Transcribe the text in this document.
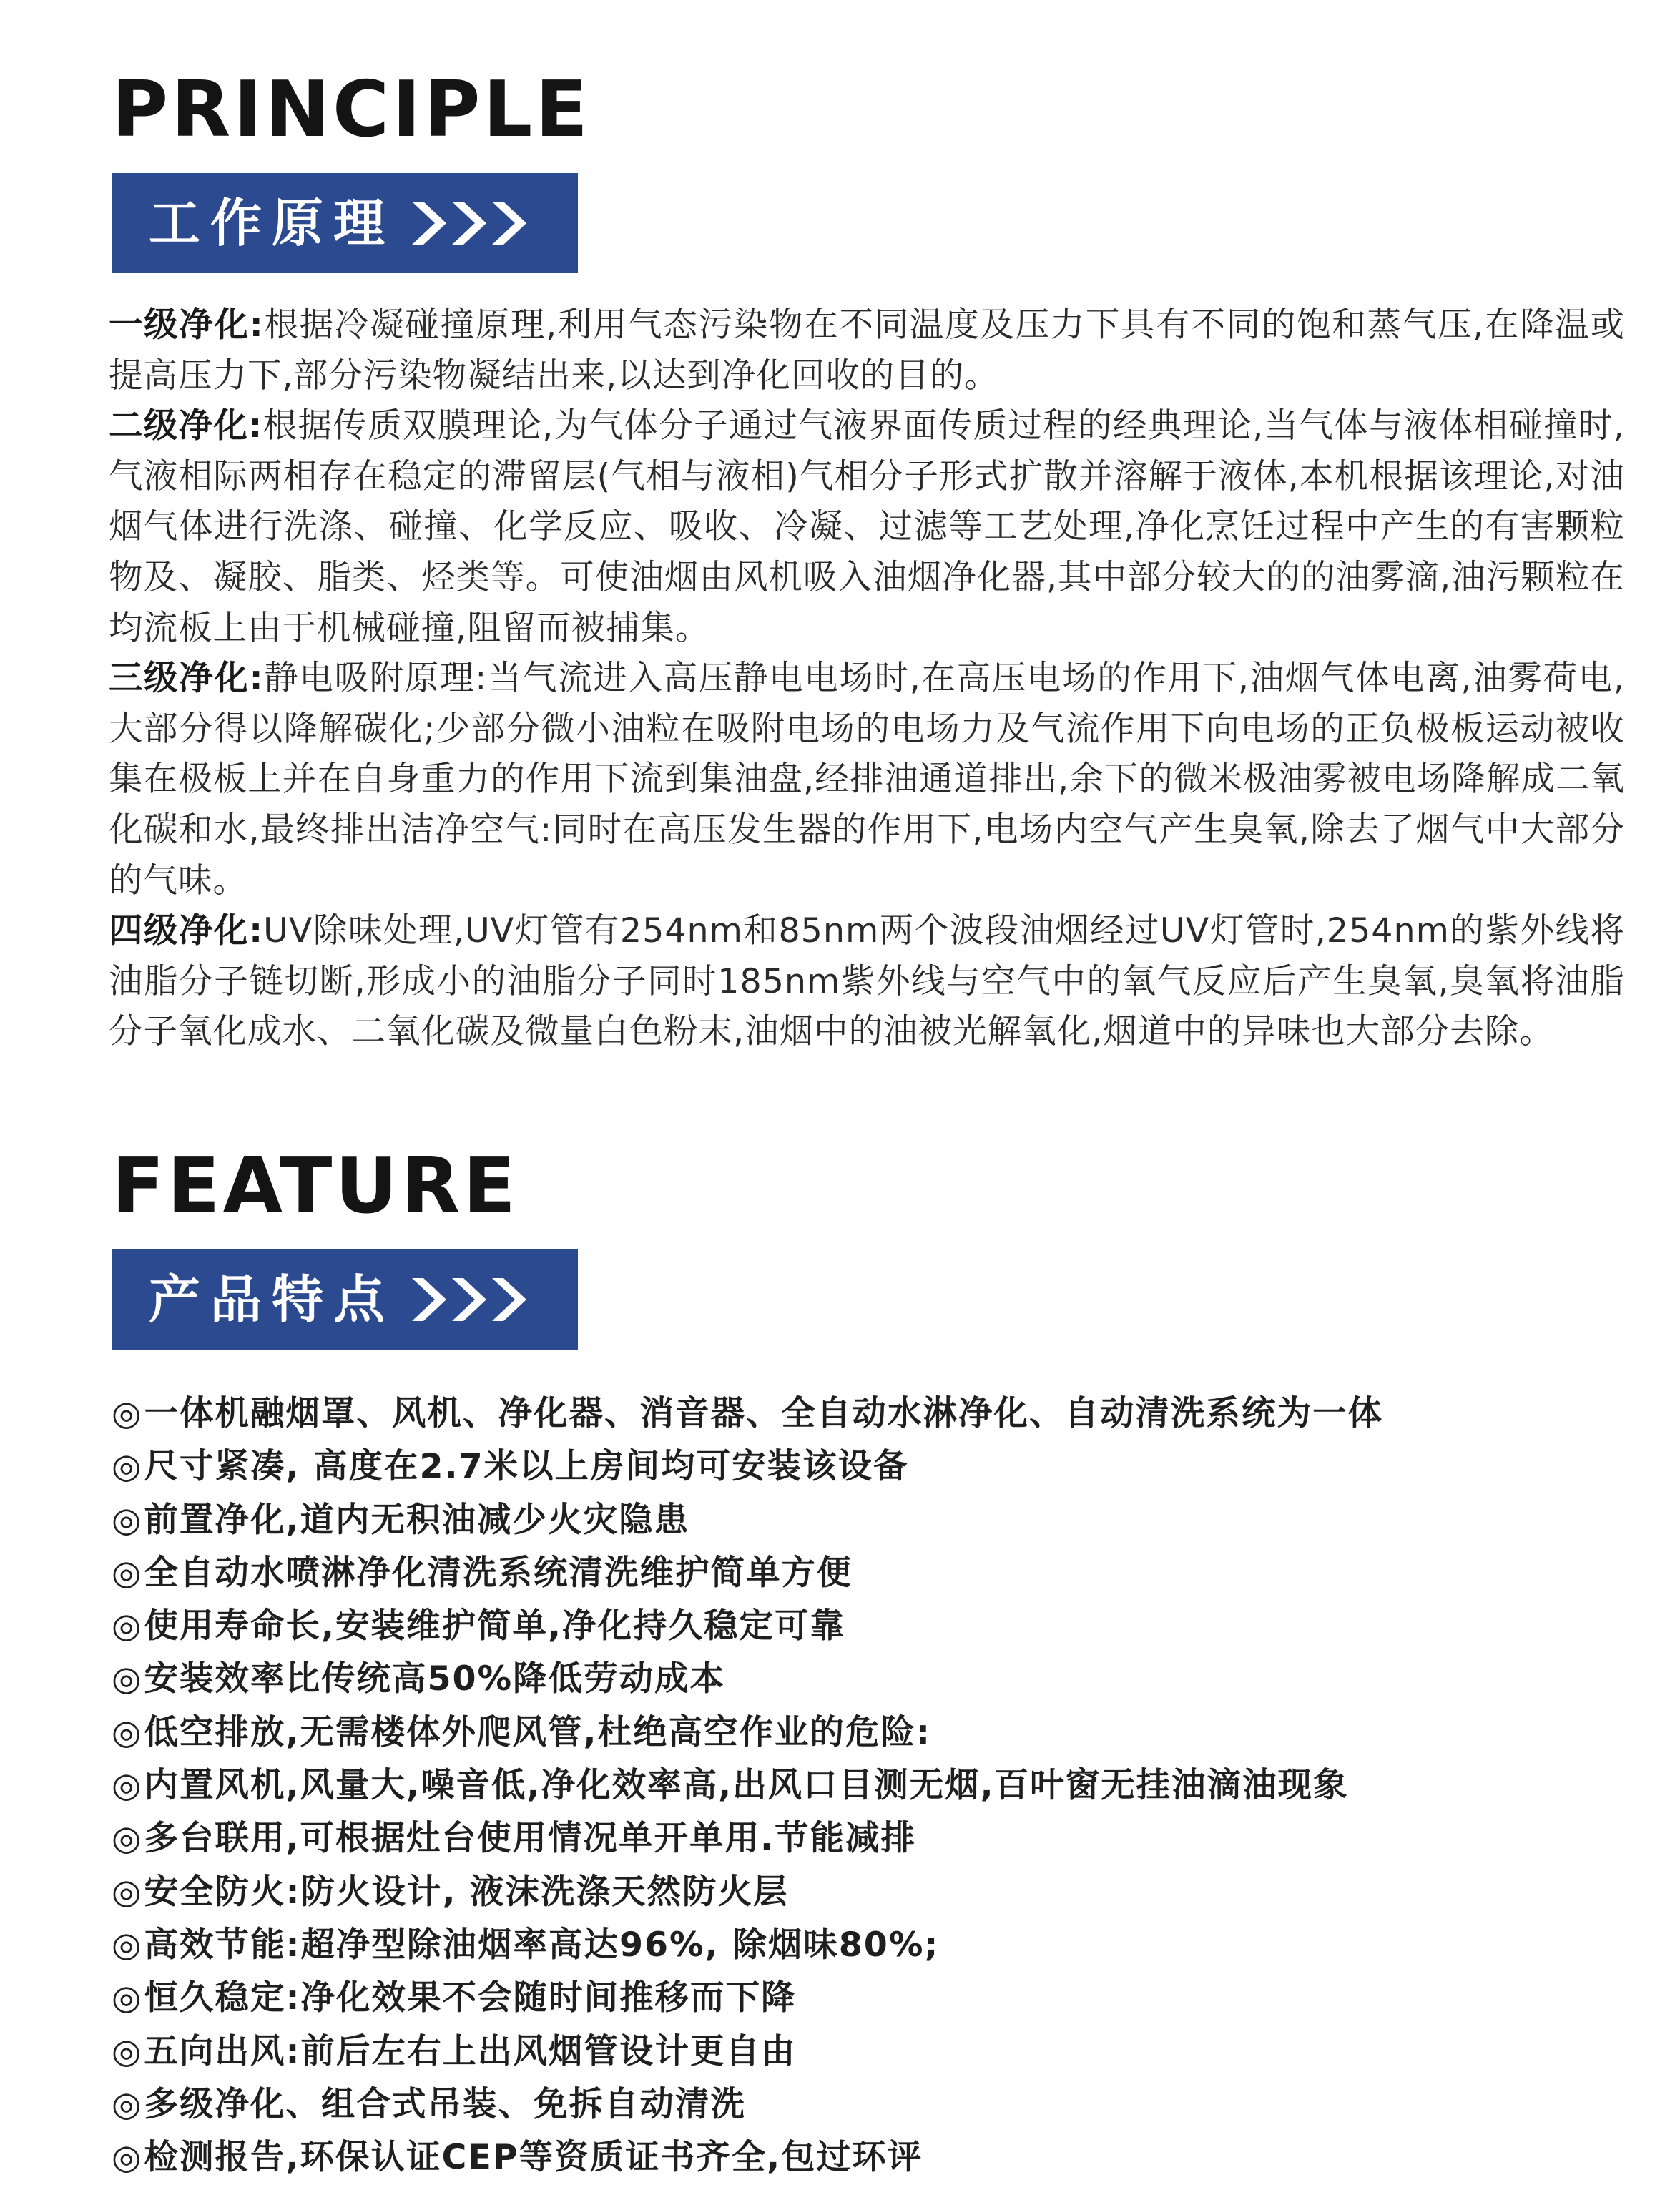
PRINCIPLE
工作原理

一级净化:根据冷凝碰撞原理,利用气态污染物在不同温度及压力下具有不同的饱和蒸气压,在降温或提高压力下,部分污染物凝结出来,以达到净化回收的目的。

二级净化:根据传质双膜理论,为气体分子通过气液界面传质过程的经典理论,当气体与液体相碰撞时,气液相际两相存在稳定的滞留层(气相与液相)气相分子形式扩散并溶解于液体,本机根据该理论,对油烟气体进行洗涤、碰撞、化学反应、吸收、冷凝、过滤等工艺处理,净化烹饪过程中产生的有害颗粒物及、凝胶、脂类、烃类等。可使油烟由风机吸入油烟净化器,其中部分较大的的油雾滴,油污颗粒在均流板上由于机械碰撞,阻留而被捕集。

三级净化:静电吸附原理:当气流进入高压静电电场时,在高压电场的作用下,油烟气体电离,油雾荷电,大部分得以降解碳化;少部分微小油粒在吸附电场的电场力及气流作用下向电场的正负极板运动被收集在极板上并在自身重力的作用下流到集油盘,经排油通道排出,余下的微米极油雾被电场降解成二氧化碳和水,最终排出洁净空气:同时在高压发生器的作用下,电场内空气产生臭氧,除去了烟气中大部分的气味。

四级净化:UV除味处理,UV灯管有254nm和85nm两个波段油烟经过UV灯管时,254nm的紫外线将油脂分子链切断,形成小的油脂分子同时185nm紫外线与空气中的氧气反应后产生臭氧,臭氧将油脂分子氧化成水、二氧化碳及微量白色粉末,油烟中的油被光解氧化,烟道中的异味也大部分去除。

FEATURE
产品特点
◎一体机融烟罩、风机、净化器、消音器、全自动水淋净化、自动清洗系统为一体
◎尺寸紧凑, 高度在2.7米以上房间均可安装该设备
◎前置净化,道内无积油减少火灾隐患
◎全自动水喷淋净化清洗系统清洗维护简单方便
◎使用寿命长,安装维护简单,净化持久稳定可靠
◎安装效率比传统高50%降低劳动成本
◎低空排放,无需楼体外爬风管,杜绝高空作业的危险:
◎内置风机,风量大,噪音低,净化效率高,出风口目测无烟,百叶窗无挂油滴油现象
◎多台联用,可根据灶台使用情况单开单用.节能减排
◎安全防火:防火设计, 液沫洗涤天然防火层
◎高效节能:超净型除油烟率高达96%, 除烟味80%;
◎恒久稳定:净化效果不会随时间推移而下降
◎五向出风:前后左右上出风烟管设计更自由
◎多级净化、组合式吊装、免拆自动清洗
◎检测报告,环保认证CEP等资质证书齐全,包过环评
